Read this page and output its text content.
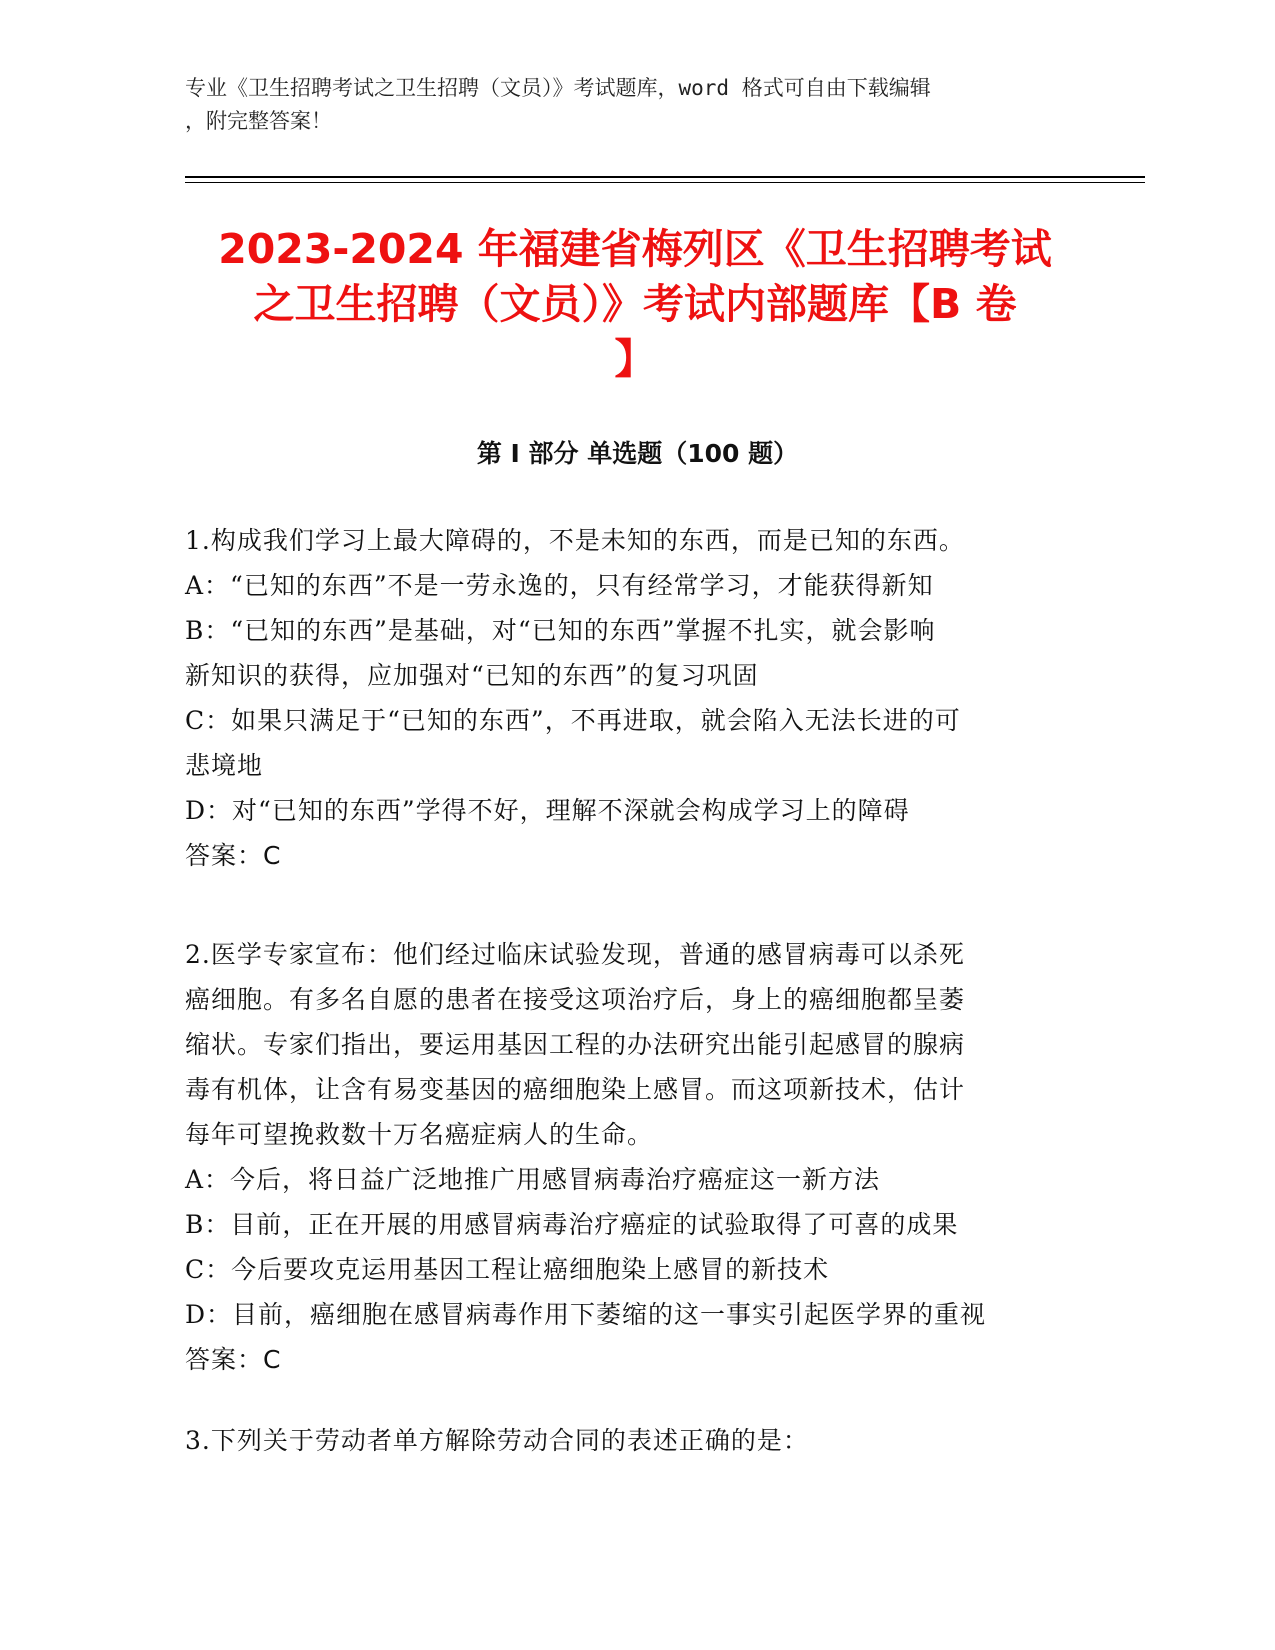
专业《卫生招聘考试之卫生招聘（文员）》考试题库，word 格式可自由下载编辑
，附完整答案！
2023-2024 年福建省梅列区《卫生招聘考试
之卫生招聘（文员）》考试内部题库【B 卷
】
第 I 部分 单选题（100 题）
1.构成我们学习上最大障碍的，不是未知的东西，而是已知的东西。
A：“已知的东西”不是一劳永逸的，只有经常学习，才能获得新知
B：“已知的东西”是基础，对“已知的东西”掌握不扎实，就会影响
新知识的获得，应加强对“已知的东西”的复习巩固
C：如果只满足于“已知的东西”，不再进取，就会陷入无法长进的可
悲境地
D：对“已知的东西”学得不好，理解不深就会构成学习上的障碍
答案：C
2.医学专家宣布：他们经过临床试验发现，普通的感冒病毒可以杀死
癌细胞。有多名自愿的患者在接受这项治疗后，身上的癌细胞都呈萎
缩状。专家们指出，要运用基因工程的办法研究出能引起感冒的腺病
毒有机体，让含有易变基因的癌细胞染上感冒。而这项新技术，估计
每年可望挽救数十万名癌症病人的生命。
A：今后，将日益广泛地推广用感冒病毒治疗癌症这一新方法
B：目前，正在开展的用感冒病毒治疗癌症的试验取得了可喜的成果
C：今后要攻克运用基因工程让癌细胞染上感冒的新技术
D：目前，癌细胞在感冒病毒作用下萎缩的这一事实引起医学界的重视
答案：C
3.下列关于劳动者单方解除劳动合同的表述正确的是：
